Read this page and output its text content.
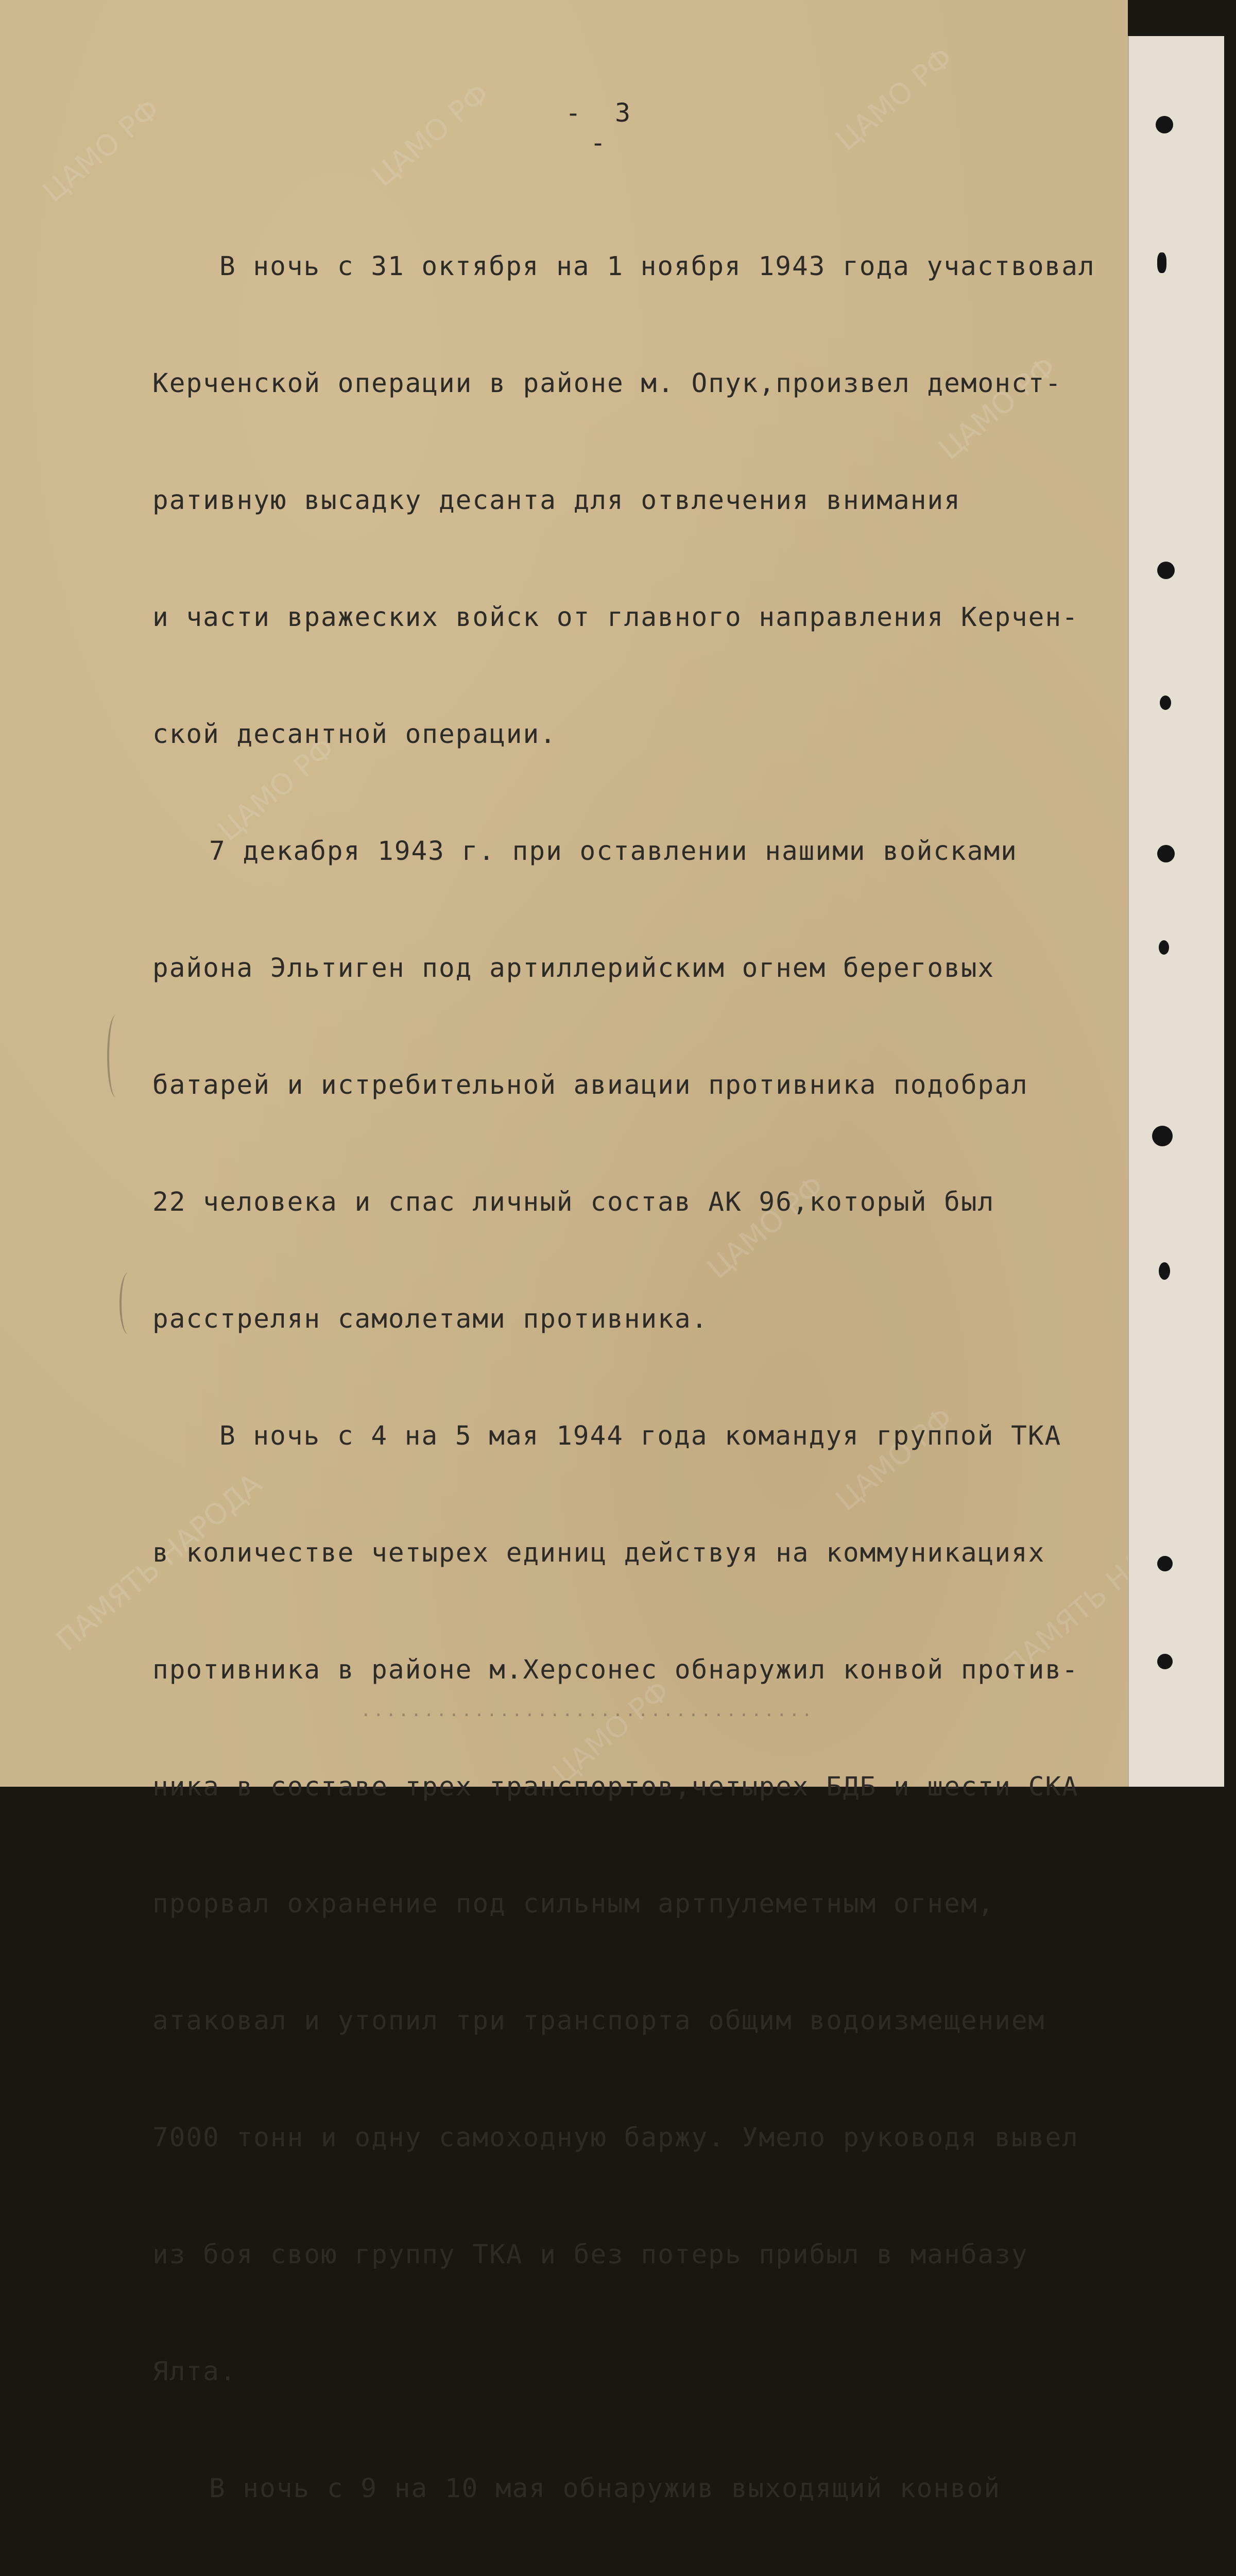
ЦАМО РФ	ЦАМО РФ	ЦАМО РФ
ЦАМО РФ
ЦАМО РФ
ЦАМО РФ
ЦАМО РФ
ПАМЯТЬ НАРОДА	ПАМЯТЬ НАРОДА
ЦАМО РФ
- 3 -

В ночь с 31 октября на 1 ноября 1943 года участвовал

Керченской операции в районе м. Опук,произвел демонст-

ративную высадку десанта для отвлечения внимания

и части вражеских войск от главного направления Керчен-

ской десантной операции.

7 декабря 1943 г. при оставлении нашими войсками

района Эльтиген под артиллерийским огнем береговых

батарей и истребительной авиации противника подобрал

22 человека и спас личный состав АК 96,который был

расстрелян самолетами противника.

В ночь с 4 на 5 мая 1944 года командуя группой ТКА

в количестве четырех единиц действуя на коммуникациях

противника в районе м.Херсонес обнаружил конвой против-

ника в составе трех транспортов,четырех БДБ и шести СКА

прорвал охранение под сильным артпулеметным огнем,

атаковал и утопил три транспорта общим водоизмещением

7000 тонн и одну самоходную баржу. Умело руководя вывел

из боя свою группу ТКА и без потерь прибыл в манбазу

Ялта.

В ночь с 9 на 10 мая обнаружив выходящий конвой

....................................
